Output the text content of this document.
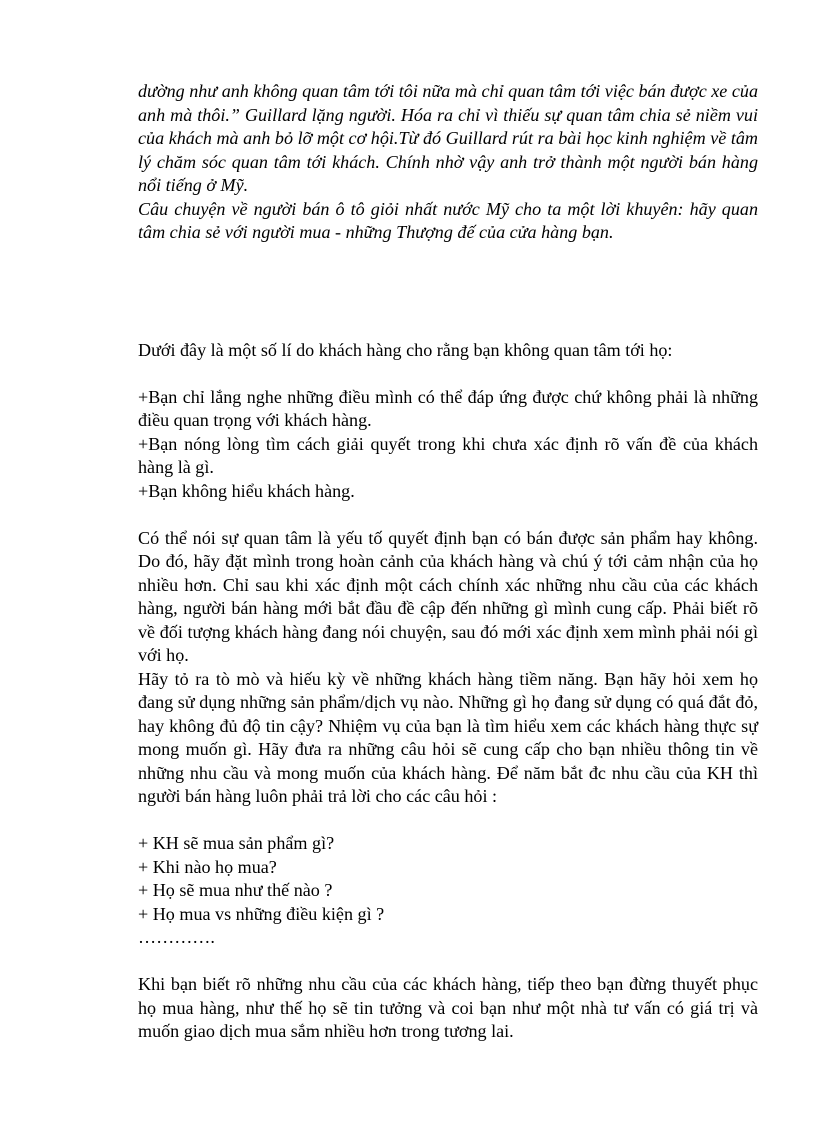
dường như anh không quan tâm tới tôi nữa mà chỉ quan tâm tới việc bán được xe của anh mà thôi.” Guillard lặng người. Hóa ra chỉ vì thiếu sự quan tâm chia sẻ niềm vui của khách mà anh bỏ lỡ một cơ hội.Từ đó Guillard rút ra bài học kinh nghiệm về tâm lý chăm sóc quan tâm tới khách. Chính nhờ vậy anh trở thành một người bán hàng nổi tiếng ở Mỹ.

Câu chuyện về người bán ô tô giỏi nhất nước Mỹ cho ta một lời khuyên: hãy quan tâm chia sẻ với người mua - những Thượng đế của cửa hàng bạn.

Dưới đây là một số lí do khách hàng cho rằng bạn không quan tâm tới họ:

+Bạn chỉ lắng nghe những điều mình có thể đáp ứng được chứ không phải là những điều quan trọng với khách hàng.

+Bạn nóng lòng tìm cách giải quyết trong khi chưa xác định rõ vấn đề của khách hàng là gì.

+Bạn không hiểu khách hàng.

Có thể nói sự quan tâm là yếu tố quyết định bạn có bán được sản phẩm hay không. Do đó, hãy đặt mình trong hoàn cảnh của khách hàng và chú ý tới cảm nhận của họ nhiều hơn. Chỉ sau khi xác định một cách chính xác những nhu cầu của các khách hàng, người bán hàng mới bắt đầu đề cập đến những gì mình cung cấp. Phải biết rõ về đối tượng khách hàng đang nói chuyện, sau đó mới xác định xem mình phải nói gì với họ.

Hãy tỏ ra tò mò và hiếu kỳ về những khách hàng tiềm năng. Bạn hãy hỏi xem họ đang sử dụng những sản phẩm/dịch vụ nào. Những gì họ đang sử dụng có quá đắt đỏ, hay không đủ độ tin cậy? Nhiệm vụ của bạn là tìm hiểu xem các khách hàng thực sự mong muốn gì. Hãy đưa ra những câu hỏi sẽ cung cấp cho bạn nhiều thông tin về những nhu cầu và mong muốn của khách hàng. Để năm bắt đc nhu cầu của KH thì người bán hàng luôn phải trả lời cho các câu hỏi :

+ KH sẽ mua sản phẩm gì?

+ Khi nào họ mua?

+ Họ sẽ mua như thế nào ?

+ Họ mua vs những điều kiện gì ?

………….

Khi bạn biết rõ những nhu cầu của các khách hàng, tiếp theo bạn đừng thuyết phục họ mua hàng, như thế họ sẽ tin tưởng và coi bạn như một nhà tư vấn có giá trị và muốn giao dịch mua sắm nhiều hơn trong tương lai.
